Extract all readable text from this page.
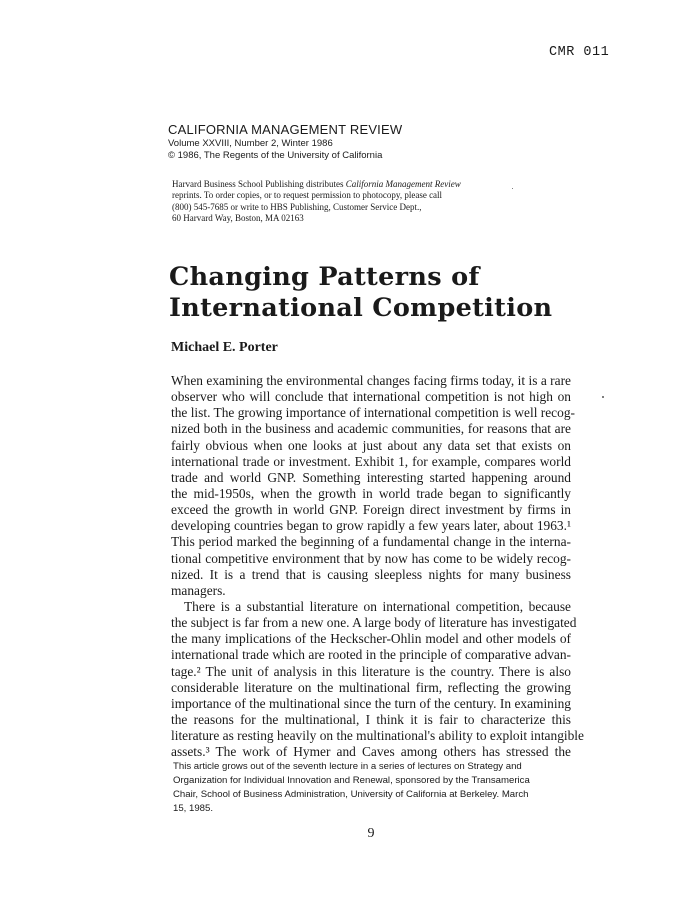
CMR 011
CALIFORNIA MANAGEMENT REVIEW
Volume XXVIII, Number 2, Winter 1986
© 1986, The Regents of the University of California
Harvard Business School Publishing distributes California Management Review
reprints. To order copies, or to request permission to photocopy, please call
(800) 545-7685 or write to HBS Publishing, Customer Service Dept.,
60 Harvard Way, Boston, MA 02163
Changing Patterns of
International Competition
Michael E. Porter
When examining the environmental changes facing firms today, it is a rare
observer who will conclude that international competition is not high on
the list. The growing importance of international competition is well recog-
nized both in the business and academic communities, for reasons that are
fairly obvious when one looks at just about any data set that exists on
international trade or investment. Exhibit 1, for example, compares world
trade and world GNP. Something interesting started happening around
the mid-1950s, when the growth in world trade began to significantly
exceed the growth in world GNP. Foreign direct investment by firms in
developing countries began to grow rapidly a few years later, about 1963.¹
This period marked the beginning of a fundamental change in the interna-
tional competitive environment that by now has come to be widely recog-
nized. It is a trend that is causing sleepless nights for many business
managers.
There is a substantial literature on international competition, because
the subject is far from a new one. A large body of literature has investigated
the many implications of the Heckscher-Ohlin model and other models of
international trade which are rooted in the principle of comparative advan-
tage.² The unit of analysis in this literature is the country. There is also
considerable literature on the multinational firm, reflecting the growing
importance of the multinational since the turn of the century. In examining
the reasons for the multinational, I think it is fair to characterize this
literature as resting heavily on the multinational's ability to exploit intangible
assets.³ The work of Hymer and Caves among others has stressed the
This article grows out of the seventh lecture in a series of lectures on Strategy and
Organization for Individual Innovation and Renewal, sponsored by the Transamerica
Chair, School of Business Administration, University of California at Berkeley. March
15, 1985.
9
